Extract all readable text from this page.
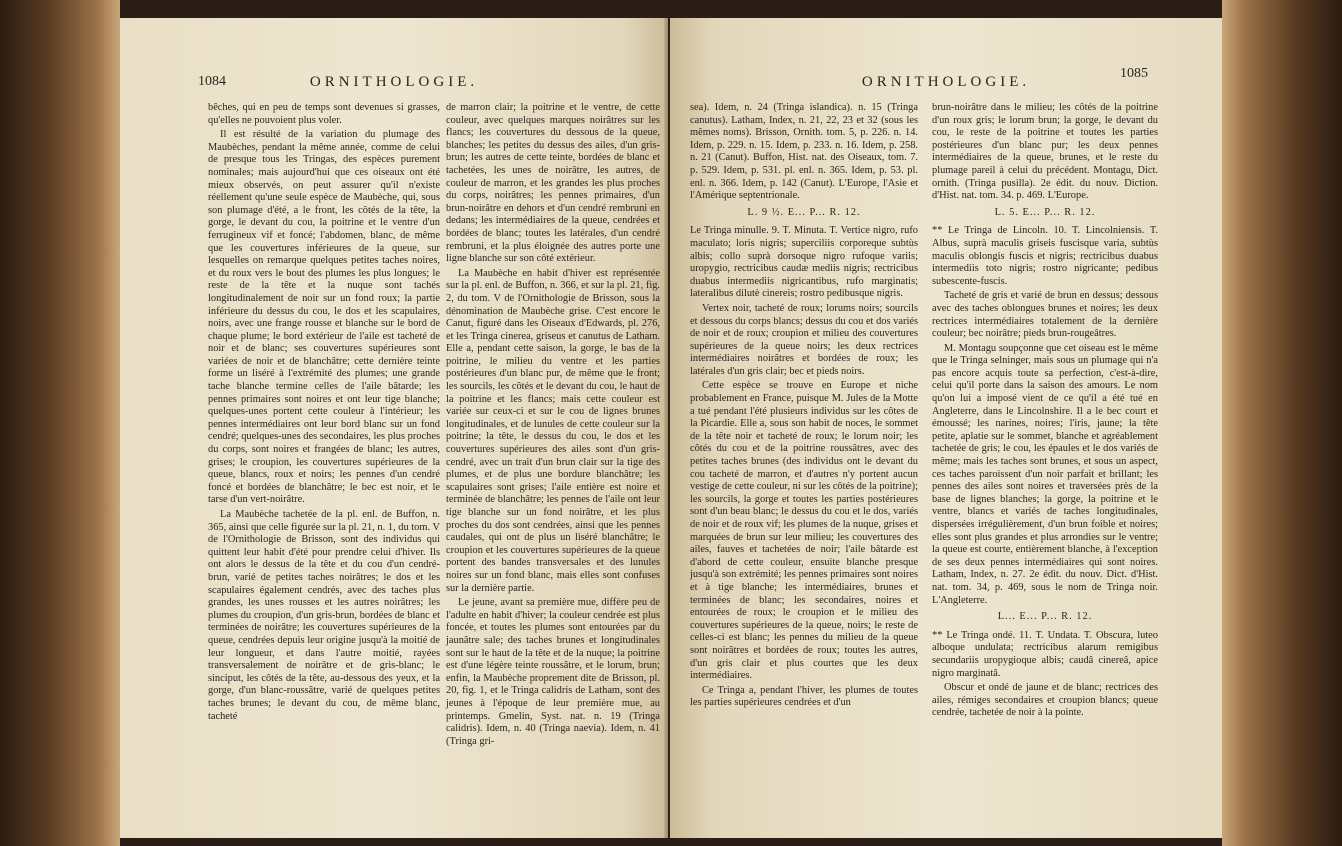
1084	ORNITHOLOGIE.

bêches, qui en peu de temps sont devenues si grasses, qu'elles ne pouvoient plus voler.

Il est résulté de la variation du plumage des Maubèches, pendant la même année, comme de celui de presque tous les Tringas, des espèces purement nominales; mais aujourd'hui que ces oiseaux ont été mieux observés, on peut assurer qu'il n'existe réellement qu'une seule espèce de Maubèche, qui, sous son plumage d'été, a le front, les côtés de la tête, la gorge, le devant du cou, la poitrine et le ventre d'un ferrugineux vif et foncé; l'abdomen, blanc, de même que les couvertures inférieures de la queue, sur lesquelles on remarque quelques petites taches noires, et du roux vers le bout des plumes les plus longues; le reste de la tête et la nuque sont tachés longitudinalement de noir sur un fond roux; la partie inférieure du dessus du cou, le dos et les scapulaires, noirs, avec une frange rousse et blanche sur le bord de chaque plume; le bord extérieur de l'aile est tacheté de noir et de blanc; ses couvertures supérieures sont variées de noir et de blanchâtre; cette dernière teinte forme un liséré à l'extrémité des plumes; une grande tache blanche termine celles de l'aile bâtarde; les pennes primaires sont noires et ont leur tige blanche; quelques-unes portent cette couleur à l'intérieur; les pennes intermédiaires ont leur bord blanc sur un fond cendré; quelques-unes des secondaires, les plus proches du corps, sont noires et frangées de blanc; les autres, grises; le croupion, les couvertures supérieures de la queue, blancs, roux et noirs; les pennes d'un cendré foncé et bordées de blanchâtre; le bec est noir, et le tarse d'un vert-noirâtre.

La Maubèche tachetée de la pl. enl. de Buffon, n. 365, ainsi que celle figurée sur la pl. 21, n. 1, du tom. V de l'Ornithologie de Brisson, sont des individus qui quittent leur habit d'été pour prendre celui d'hiver. Ils ont alors le dessus de la tête et du cou d'un cendré-brun, varié de petites taches noirâtres; le dos et les scapulaires également cendrés, avec des taches plus grandes, les unes rousses et les autres noirâtres; les plumes du croupion, d'un gris-brun, bordées de blanc et terminées de noirâtre; les couvertures supérieures de la queue, cendrées depuis leur origine jusqu'à la moitié de leur longueur, et dans l'autre moitié, rayées transversalement de noirâtre et de gris-blanc; le sinciput, les côtés de la tête, au-dessous des yeux, et la gorge, d'un blanc-roussâtre, varié de quelques petites taches brunes; le devant du cou, de même blanc, tacheté

de marron clair; la poitrine et le ventre, de cette couleur, avec quelques marques noirâtres sur les flancs; les couvertures du dessous de la queue, blanches; les petites du dessus des ailes, d'un gris-brun; les autres de cette teinte, bordées de blanc et tachetées, les unes de noirâtre, les autres, de couleur de marron, et les grandes les plus proches du corps, noirâtres; les pennes primaires, d'un brun-noirâtre en dehors et d'un cendré rembruni en dedans; les intermédiaires de la queue, cendrées et bordées de blanc; toutes les latérales, d'un cendré rembruni, et la plus éloignée des autres porte une ligne blanche sur son côté extérieur.

La Maubèche en habit d'hiver est représentée sur la pl. enl. de Buffon, n. 366, et sur la pl. 21, fig. 2, du tom. V de l'Ornithologie de Brisson, sous la dénomination de Maubèche grise. C'est encore le Canut, figuré dans les Oiseaux d'Edwards, pl. 276, et les Tringa cinerea, griseus et canutus de Latham. Elle a, pendant cette saison, la gorge, le bas de la poitrine, le milieu du ventre et les parties postérieures d'un blanc pur, de même que le front; les sourcils, les côtés et le devant du cou, le haut de la poitrine et les flancs; mais cette couleur est variée sur ceux-ci et sur le cou de lignes brunes longitudinales, et de lunules de cette couleur sur la poitrine; la tête, le dessus du cou, le dos et les couvertures supérieures des ailes sont d'un gris-cendré, avec un trait d'un brun clair sur la tige des plumes, et de plus une bordure blanchâtre; les scapulaires sont grises; l'aile entière est noire et terminée de blanchâtre; les pennes de l'aile ont leur tige blanche sur un fond noirâtre, et les plus proches du dos sont cendrées, ainsi que les pennes caudales, qui ont de plus un liséré blanchâtre; le croupion et les couvertures supérieures de la queue portent des bandes transversales et des lunules noires sur un fond blanc, mais elles sont confuses sur la dernière partie.

Le jeune, avant sa première mue, diffère peu de l'adulte en habit d'hiver; la couleur cendrée est plus foncée, et toutes les plumes sont entourées par du jaunâtre sale; des taches brunes et longitudinales sont sur le haut de la tête et de la nuque; la poitrine est d'une légère teinte roussâtre, et le lorum, brun; enfin, la Maubèche proprement dite de Brisson, pl. 20, fig. 1, et le Tringa calidris de Latham, sont des jeunes à l'époque de leur première mue, au printemps. Gmelin, Syst. nat. n. 19 (Tringa calidris). Idem, n. 40 (Tringa naevia). Idem, n. 41 (Tringa gri-

ORNITHOLOGIE.
1085

sea). Idem, n. 24 (Tringa islandica). n. 15 (Tringa canutus). Latham, Index, n. 21, 22, 23 et 32 (sous les mêmes noms). Brisson, Ornith. tom. 5, p. 226. n. 14. Idem, p. 229. n. 15. Idem, p. 233. n. 16. Idem, p. 258. n. 21 (Canut). Buffon, Hist. nat. des Oiseaux, tom. 7. p. 529. Idem, p. 531. pl. enl. n. 365. Idem, p. 53. pl. enl. n. 366. Idem, p. 142 (Canut). L'Europe, l'Asie et l'Amérique septentrionale.

L. 9 ½. E... P... R. 12.

Le Tringa minulle. 9. T. Minuta. T. Vertice nigro, rufo maculato; loris nigris; superciliis corporeque subtùs albis; collo suprà dorsoque nigro rufoque variis; uropygio, rectricibus caudæ mediis nigris; rectricibus duabus intermediis nigricantibus, rufo marginatis; lateralibus dilutè cinereis; rostro pedibusque nigris.

Vertex noir, tacheté de roux; lorums noirs; sourcils et dessous du corps blancs; dessus du cou et dos variés de noir et de roux; croupion et milieu des couvertures supérieures de la queue noirs; les deux rectrices intermédiaires noirâtres et bordées de roux; les latérales d'un gris clair; bec et pieds noirs.

Cette espèce se trouve en Europe et niche probablement en France, puisque M. Jules de la Motte a tué pendant l'été plusieurs individus sur les côtes de la Picardie. Elle a, sous son habit de noces, le sommet de la tête noir et tacheté de roux; le lorum noir; les côtés du cou et de la poitrine roussâtres, avec des petites taches brunes (des individus ont le devant du cou tacheté de marron, et d'autres n'y portent aucun vestige de cette couleur, ni sur les côtés de la poitrine); les sourcils, la gorge et toutes les parties postérieures sont d'un beau blanc; le dessus du cou et le dos, variés de noir et de roux vif; les plumes de la nuque, grises et marquées de brun sur leur milieu; les couvertures des ailes, fauves et tachetées de noir; l'aile bâtarde est d'abord de cette couleur, ensuite blanche presque jusqu'à son extrémité; les pennes primaires sont noires et à tige blanche; les intermédiaires, brunes et terminées de blanc; les secondaires, noires et entourées de roux; le croupion et le milieu des couvertures supérieures de la queue, noirs; le reste de celles-ci est blanc; les pennes du milieu de la queue sont noirâtres et bordées de roux; toutes les autres, d'un gris clair et plus courtes que les deux intermédiaires.

Ce Tringa a, pendant l'hiver, les plumes de toutes les parties supérieures cendrées et d'un

brun-noirâtre dans le milieu; les côtés de la poitrine d'un roux gris; le lorum brun; la gorge, le devant du cou, le reste de la poitrine et toutes les parties postérieures d'un blanc pur; les deux pennes intermédiaires de la queue, brunes, et le reste du plumage pareil à celui du précédent. Montagu, Dict. ornith. (Tringa pusilla). 2e édit. du nouv. Diction. d'Hist. nat. tom. 34. p. 469. L'Europe.

L. 5. E... P... R. 12.

** Le Tringa de Lincoln. 10. T. Lincolniensis. T. Albus, suprà maculis griseis fuscisque varia, subtùs maculis oblongis fuscis et nigris; rectricibus duabus intermediis toto nigris; rostro nigricante; pedibus subescente-fuscis.

Tacheté de gris et varié de brun en dessus; dessous avec des taches oblongues brunes et noires; les deux rectrices intermédiaires totalement de la dernière couleur; bec noirâtre; pieds brun-rougeâtres.

M. Montagu soupçonne que cet oiseau est le même que le Tringa selninger, mais sous un plumage qui n'a pas encore acquis toute sa perfection, c'est-à-dire, celui qu'il porte dans la saison des amours. Le nom qu'on lui a imposé vient de ce qu'il a été tué en Angleterre, dans le Lincolnshire. Il a le bec court et émoussé; les narines, noires; l'iris, jaune; la tête petite, aplatie sur le sommet, blanche et agréablement tachetée de gris; le cou, les épaules et le dos variés de même; mais les taches sont brunes, et sous un aspect, ces taches paroissent d'un noir parfait et brillant; les pennes des ailes sont noires et traversées près de la base de lignes blanches; la gorge, la poitrine et le ventre, blancs et variés de taches longitudinales, dispersées irrégulièrement, d'un brun foible et noires; elles sont plus grandes et plus arrondies sur le ventre; la queue est courte, entièrement blanche, à l'exception de ses deux pennes intermédiaires qui sont noires. Latham, Index, n. 27. 2e édit. du nouv. Dict. d'Hist. nat. tom. 34, p. 469, sous le nom de Tringa noir. L'Angleterre.

L... E... P... R. 12.

** Le Tringa ondé. 11. T. Undata. T. Obscura, luteo alboque undulata; rectricibus alarum remigibus secundariis uropygioque albis; caudâ cinereâ, apice nigro marginatâ.

Obscur et ondé de jaune et de blanc; rectrices des ailes, rémiges secondaires et croupion blancs; queue cendrée, tachetée de noir à la pointe.
